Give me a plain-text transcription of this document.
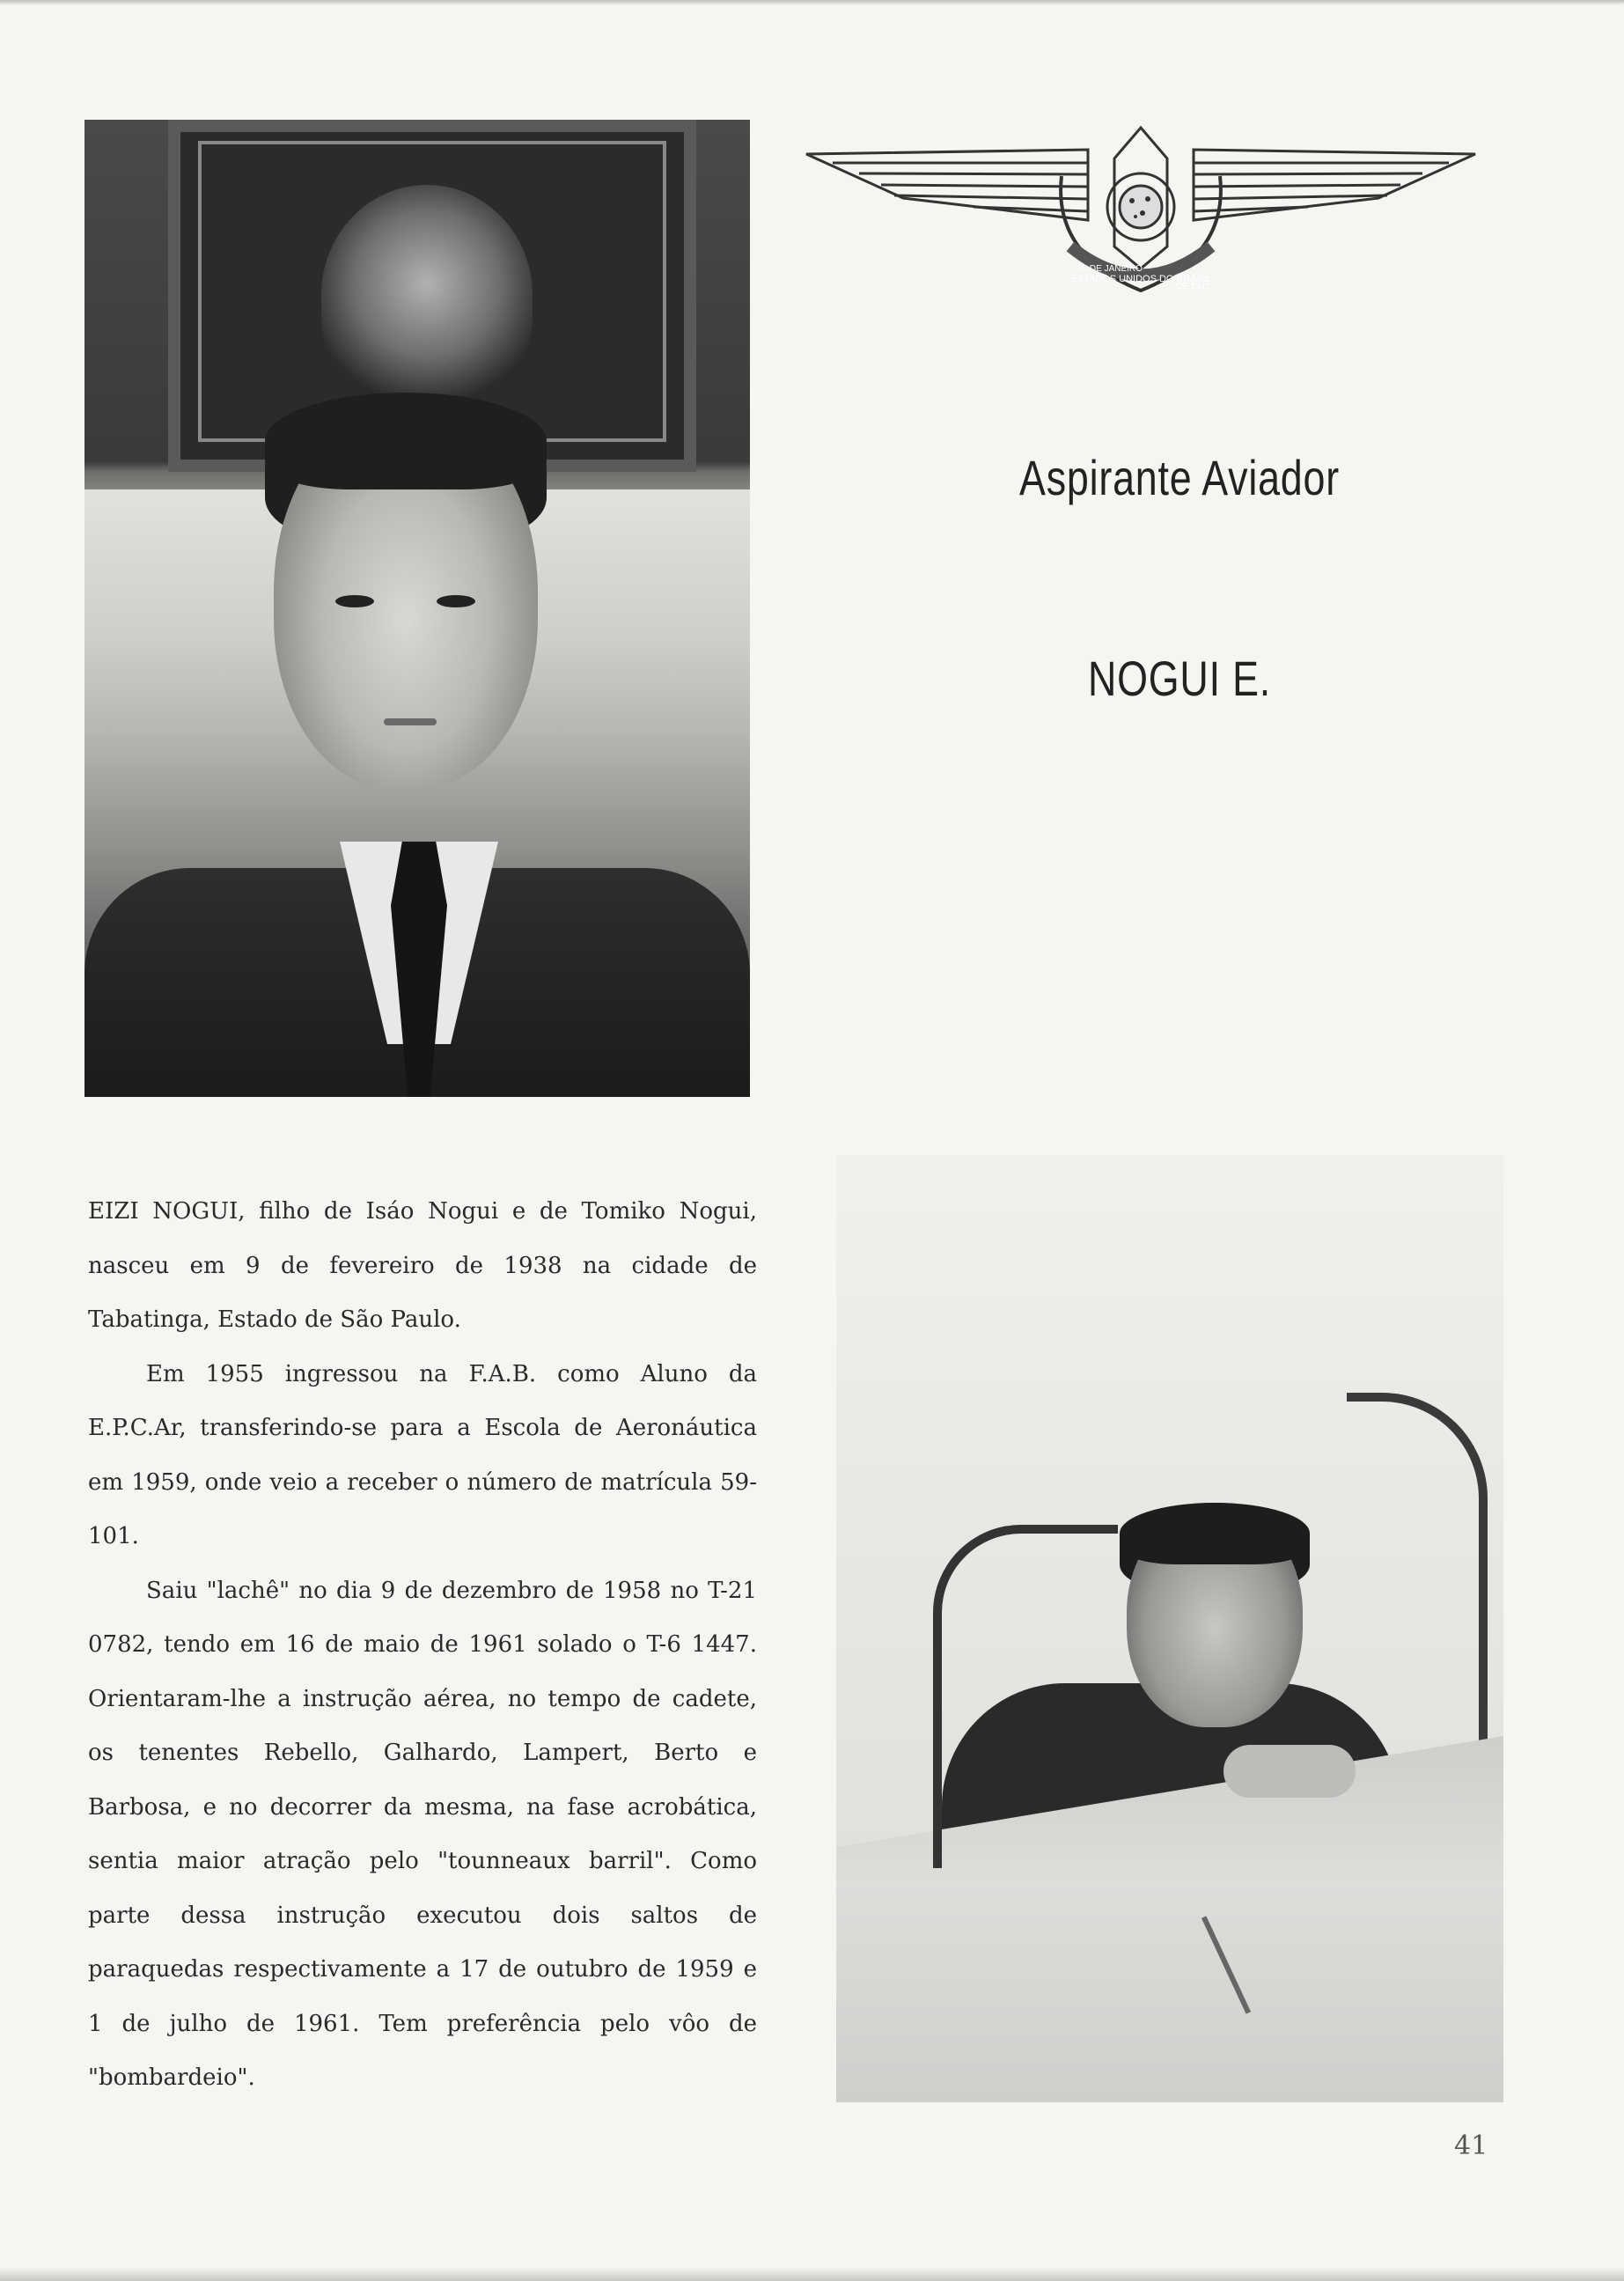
ESTADOS UNIDOS DO BRASIL
20 DE JANEIRO
DE 1941
Aspirante Aviador
NOGUI E.

EIZI NOGUI, filho de Isáo Nogui e de Tomiko Nogui, nasceu em 9 de fevereiro de 1938 na cidade de Tabatinga, Estado de São Paulo.

Em 1955 ingressou na F.A.B. como Aluno da E.P.C.Ar, transferindo-se para a Escola de Aeronáutica em 1959, onde veio a receber o número de matrícula 59-101.

Saiu "lachê" no dia 9 de dezembro de 1958 no T-21 0782, tendo em 16 de maio de 1961 solado o T-6 1447. Orientaram-lhe a instrução aérea, no tempo de cadete, os tenentes Rebello, Galhardo, Lampert, Berto e Barbosa, e no decorrer da mesma, na fase acrobática, sentia maior atração pelo "tounneaux barril". Como parte dessa instrução executou dois saltos de paraquedas respectivamente a 17 de outubro de 1959 e 1 de julho de 1961. Tem preferência pelo vôo de "bombardeio".

41
